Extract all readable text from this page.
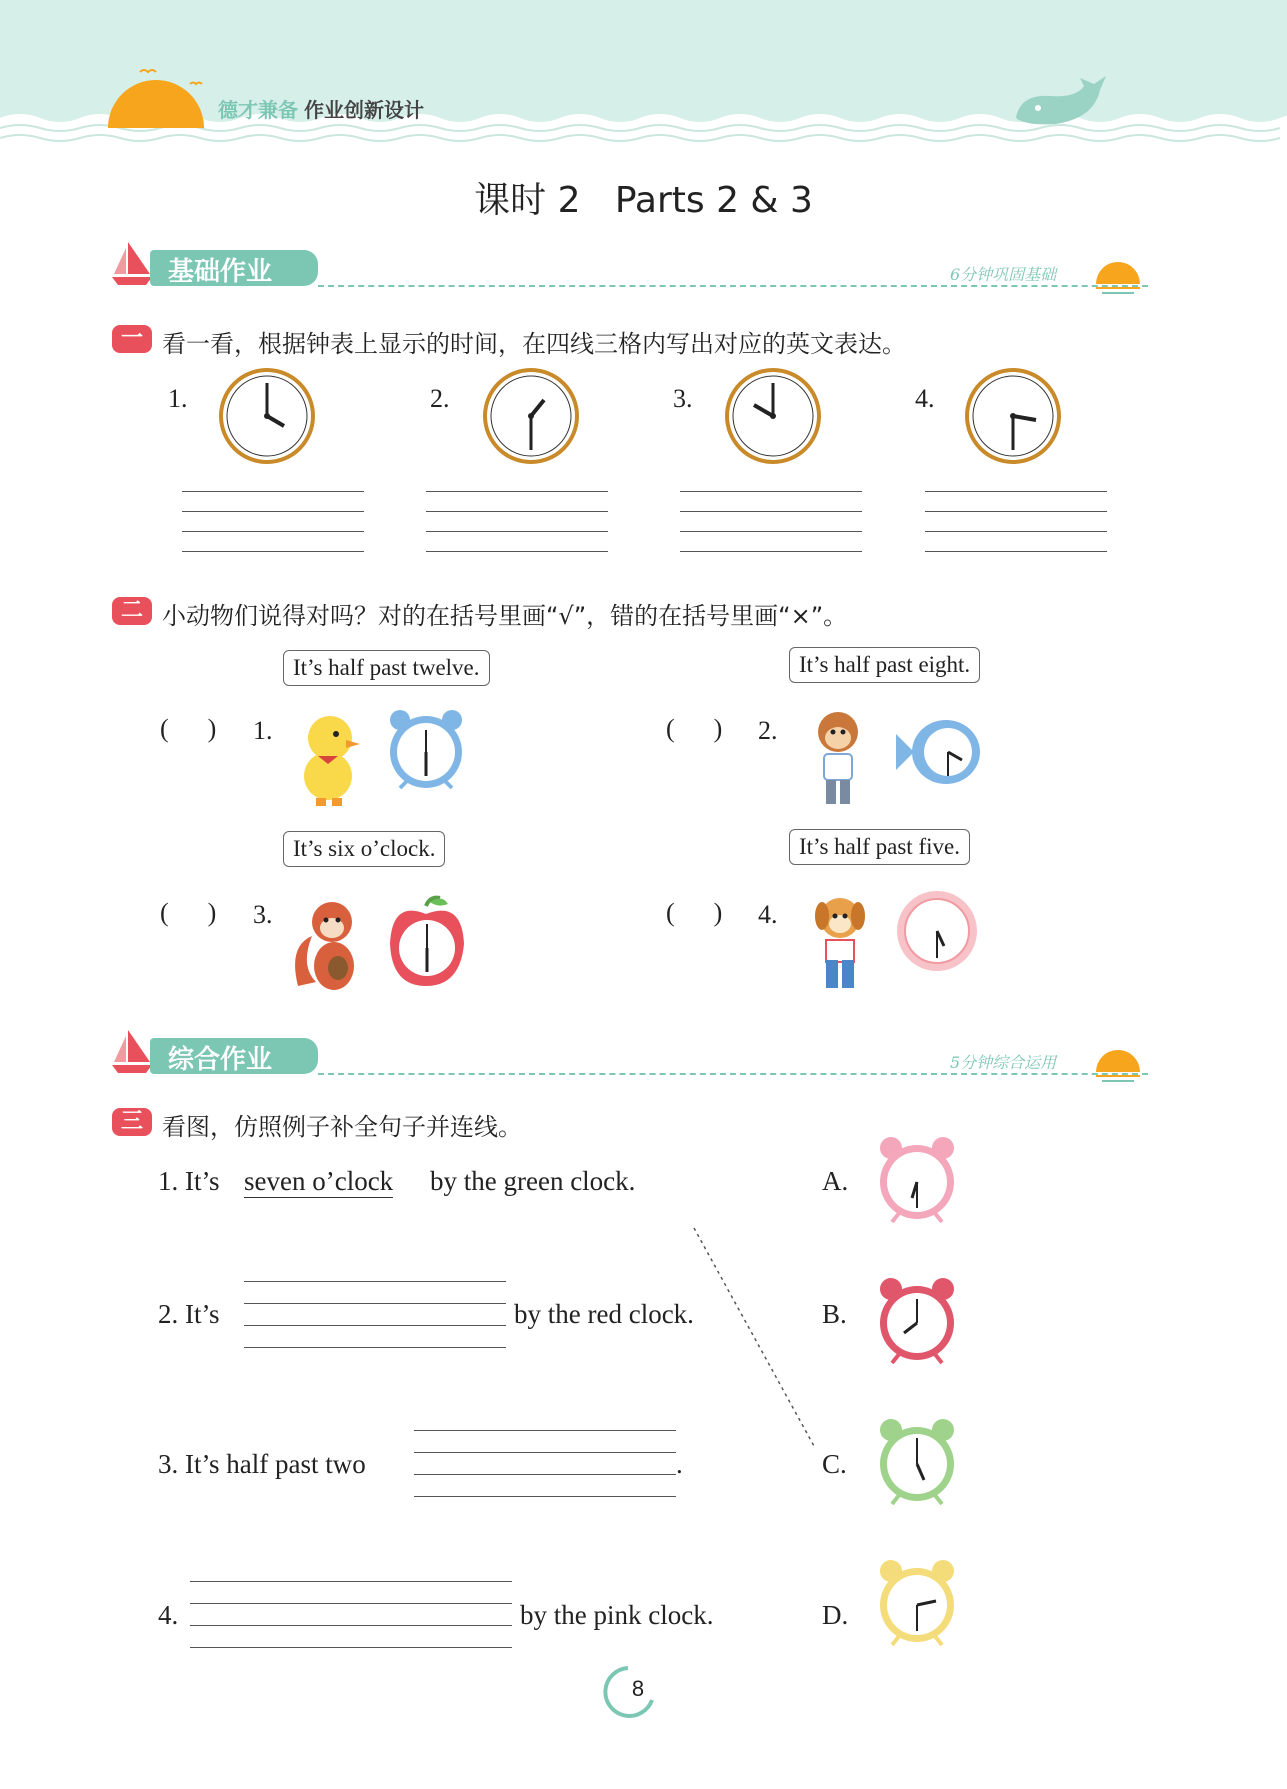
德才兼备 作业创新设计
课时 2   Parts 2 & 3
基础作业	6分钟巩固基础
一 看一看，根据钟表上显示的时间，在四线三格内写出对应的英文表达。
1.	2.	3.	4.
二 小动物们说得对吗？对的在括号里画“√”，错的在括号里画“×”。
It’s half past twelve.
(      ) 1.
It’s half past eight.
(      ) 2.
It’s six o’clock.
(      ) 3.
It’s half past five.
(      ) 4.
综合作业	5分钟综合运用
三 看图，仿照例子补全句子并连线。
1. It’s seven o’clock by the green clock.
2. It’s	by the red clock.
3. It’s half past two	.
4.	by the pink clock.
A.
B.
C.
D.
8
